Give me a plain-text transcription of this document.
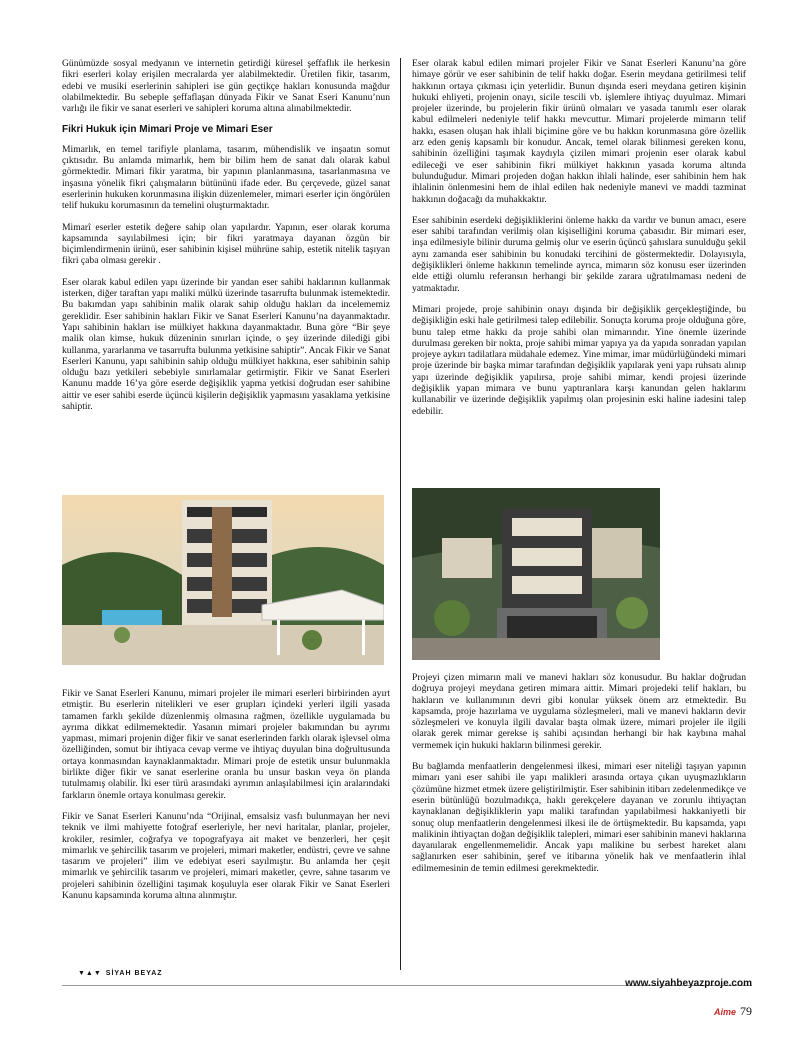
Günümüzde sosyal medyanın ve internetin getirdiği küresel şeffaflık ile herkesin fikri eserleri kolay erişilen mecralarda yer alabilmektedir. Üretilen fikir, tasarım, edebi ve musiki eserlerinin sahipleri ise gün geçtikçe hakları konusunda mağdur olabilmektedir. Bu sebeple şeffaflaşan dünyada Fikir ve Sanat Eseri Kanunu’nun varlığı ile fikir ve sanat eserleri ve sahipleri koruma altına alınabilmektedir.

Fikri Hukuk için Mimari Proje ve Mimari Eser

Mimarlık, en temel tarifiyle planlama, tasarım, mühendislik ve inşaatın somut çıktısıdır. Bu anlamda mimarlık, hem bir bilim hem de sanat dalı olarak kabul görmektedir. Mimari fikir yaratma, bir yapının planlanmasına, tasarlanmasına ve inşasına yönelik fikri çalışmaların bütününü ifade eder. Bu çerçevede, güzel sanat eserlerinin hukuken korunmasına ilişkin düzenlemeler, mimari eserler için öngörülen telif hukuku korumasının da temelini oluşturmaktadır.

Mimarî eserler estetik değere sahip olan yapılardır. Yapının, eser olarak koruma kapsamında sayılabilmesi için; bir fikri yaratmaya dayanan özgün bir biçimlendirmenin ürünü, eser sahibinin kişisel mührüne sahip, estetik nitelik taşıyan fikri çaba olması gerekir .

Eser olarak kabul edilen yapı üzerinde bir yandan eser sahibi haklarının kullanmak isterken, diğer taraftan yapı maliki mülkü üzerinde tasarrufta bulunmak istemektedir. Bu bakımdan yapı sahibinin malik olarak sahip olduğu hakları da incelememiz gereklidir. Eser sahibinin hakları Fikir ve Sanat Eserleri Kanunu’na dayanmaktadır. Yapı sahibinin hakları ise mülkiyet hakkına dayanmaktadır. Buna göre “Bir şeye malik olan kimse, hukuk düzeninin sınırları içinde, o şey üzerinde dilediği gibi kullanma, yararlanma ve tasarrufta bulunma yetkisine sahiptir”. Ancak Fikir ve Sanat Eserleri Kanunu, yapı sahibinin sahip olduğu mülkiyet hakkına, eser sahibinin sahip olduğu bazı yetkileri sebebiyle sınırlamalar getirmiştir. Fikir ve Sanat Eserleri Kanunu madde 16’ya göre eserde değişiklik yapma yetkisi doğrudan eser sahibine aittir ve eser sahibi eserde üçüncü kişilerin değişiklik yapmasını yasaklama yetkisine sahiptir.

Fikir ve Sanat Eserleri Kanunu, mimari projeler ile mimari eserleri birbirinden ayırt etmiştir. Bu eserlerin nitelikleri ve eser grupları içindeki yerleri ilgili yasada tamamen farklı şekilde düzenlenmiş olmasına rağmen, özellikle uygulamada bu ayrıma dikkat edilmemektedir. Yasanın mimari projeler bakımından bu ayrımı yapması, mimari projenin diğer fikir ve sanat eserlerinden farklı olarak işlevsel olma özelliğinden, somut bir ihtiyaca cevap verme ve ihtiyaç duyulan bina doğrultusunda ortaya konmasından kaynaklanmaktadır. Mimari proje de estetik unsur bulunmakla birlikte diğer fikir ve sanat eserlerine oranla bu unsur baskın veya ön planda tutulmamış olabilir. İki eser türü arasındaki ayrımın anlaşılabilmesi için aralarındaki farkların önemle ortaya konulması gerekir.

Fikir ve Sanat Eserleri Kanunu’nda “Orijinal, emsalsiz vasfı bulunmayan her nevi teknik ve ilmi mahiyette fotoğraf eserleriyle, her nevi haritalar, planlar, projeler, krokiler, resimler, coğrafya ve topografyaya ait maket ve benzerleri, her çeşit mimarlık ve şehircilik tasarım ve projeleri, mimari maketler, endüstri, çevre ve sahne tasarım ve projeleri” ilim ve edebiyat eseri sayılmıştır. Bu anlamda her çeşit mimarlık ve şehircilik tasarım ve projeleri, mimari maketler, çevre, sahne tasarım ve projeleri sahibinin özelliğini taşımak koşuluyla eser olarak Fikir ve Sanat Eserleri Kanunu kapsamında koruma altına alınmıştır.

Eser olarak kabul edilen mimari projeler Fikir ve Sanat Eserleri Kanunu’na göre himaye görür ve eser sahibinin de telif hakkı doğar. Eserin meydana getirilmesi telif hakkının ortaya çıkması için yeterlidir. Bunun dışında eseri meydana getiren kişinin hukuki ehliyeti, projenin onayı, sicile tescili vb. işlemlere ihtiyaç duyulmaz. Mimari projeler üzerinde, bu projelerin fikir ürünü olmaları ve yasada tanımlı eser olarak kabul edilmeleri nedeniyle telif hakkı mevcuttur. Mimari projelerde mimarın telif hakkı, esasen oluşan hak ihlali biçimine göre ve bu hakkın korunmasına göre özellik arz eden geniş kapsamlı bir konudur. Ancak, temel olarak bilinmesi gereken konu, sahibinin özelliğini taşımak kaydıyla çizilen mimari projenin eser olarak kabul edileceği ve eser sahibinin fikri mülkiyet hakkının yasada koruma altında bulunduğudur. Mimari projeden doğan hakkın ihlali halinde, eser sahibinin hem hak ihlalinin önlenmesini hem de ihlal edilen hak nedeniyle manevi ve maddi tazminat hakkının doğacağı da muhakkaktır.

Eser sahibinin eserdeki değişikliklerini önleme hakkı da vardır ve bunun amacı, esere eser sahibi tarafından verilmiş olan kişiselliğini koruma çabasıdır. Bir mimari eser, inşa edilmesiyle bilinir duruma gelmiş olur ve eserin üçüncü şahıslara sunulduğu şekil aynı zamanda eser sahibinin bu konudaki tercihini de göstermektedir. Dolayısıyla, değişiklikleri önleme hakkının temelinde ayrıca, mimarın söz konusu eser üzerinden elde ettiği olumlu referansın herhangi bir şekilde zarara uğratılmaması nedeni de yatmaktadır.

Mimari projede, proje sahibinin onayı dışında bir değişiklik gerçekleştiğinde, bu değişikliğin eski hale getirilmesi talep edilebilir. Sonuçta koruma proje olduğuna göre, bunu talep etme hakkı da proje sahibi olan mimarındır. Yine önemle üzerinde durulması gereken bir nokta, proje sahibi mimar yapıya ya da yapıda sonradan yapılan projeye aykırı tadilatlara müdahale edemez. Yine mimar, imar müdürlüğündeki mimari proje üzerinde bir başka mimar tarafından değişiklik yapılarak yeni yapı ruhsatı alınıp yapı üzerinde değişiklik yapılırsa, proje sahibi mimar, kendi projesi üzerinde değişiklik yapan mimara ve bunu yaptıranlara karşı kanundan gelen haklarını kullanabilir ve üzerinde değişiklik yapılmış olan projesinin eski haline iadesini talep edebilir.

Projeyi çizen mimarın mali ve manevi hakları söz konusudur. Bu haklar doğrudan doğruya projeyi meydana getiren mimara aittir. Mimari projedeki telif hakları, bu hakların ve kullanımının devri gibi konular yüksek önem arz etmektedir. Bu kapsamda, proje hazırlama ve uygulama sözleşmeleri, mali ve manevi hakların devir sözleşmeleri ve konuyla ilgili davalar başta olmak üzere, mimari projeler ile ilgili olarak gerek mimar gerekse iş sahibi açısından herhangi bir hak kaybına mahal vermemek için hukuki hakların bilinmesi gerekir.

Bu bağlamda menfaatlerin dengelenmesi ilkesi, mimari eser niteliği taşıyan yapının mimarı yani eser sahibi ile yapı malikleri arasında ortaya çıkan uyuşmazlıkların çözümüne hizmet etmek üzere geliştirilmiştir. Eser sahibinin itibarı zedelenmedikçe ve eserin bütünlüğü bozulmadıkça, haklı gerekçelere dayanan ve zorunlu ihtiyaçtan kaynaklanan değişikliklerin yapı maliki tarafından yapılabilmesi hakkaniyetli bir sonuç olup menfaatlerin dengelenmesi ilkesi ile de örtüşmektedir. Bu kapsamda, yapı malikinin ihtiyaçtan doğan değişiklik talepleri, mimari eser sahibinin manevi haklarına dayanılarak engellenmemelidir. Ancak yapı malikine bu serbest hareket alanı sağlanırken eser sahibinin, şeref ve itibarına yönelik hak ve menfaatlerin ihlal edilmemesinin de temin edilmesi gerekmektedir.

▼▲▼ SİYAH BEYAZ
www.siyahbeyazproje.com
Aime 79
